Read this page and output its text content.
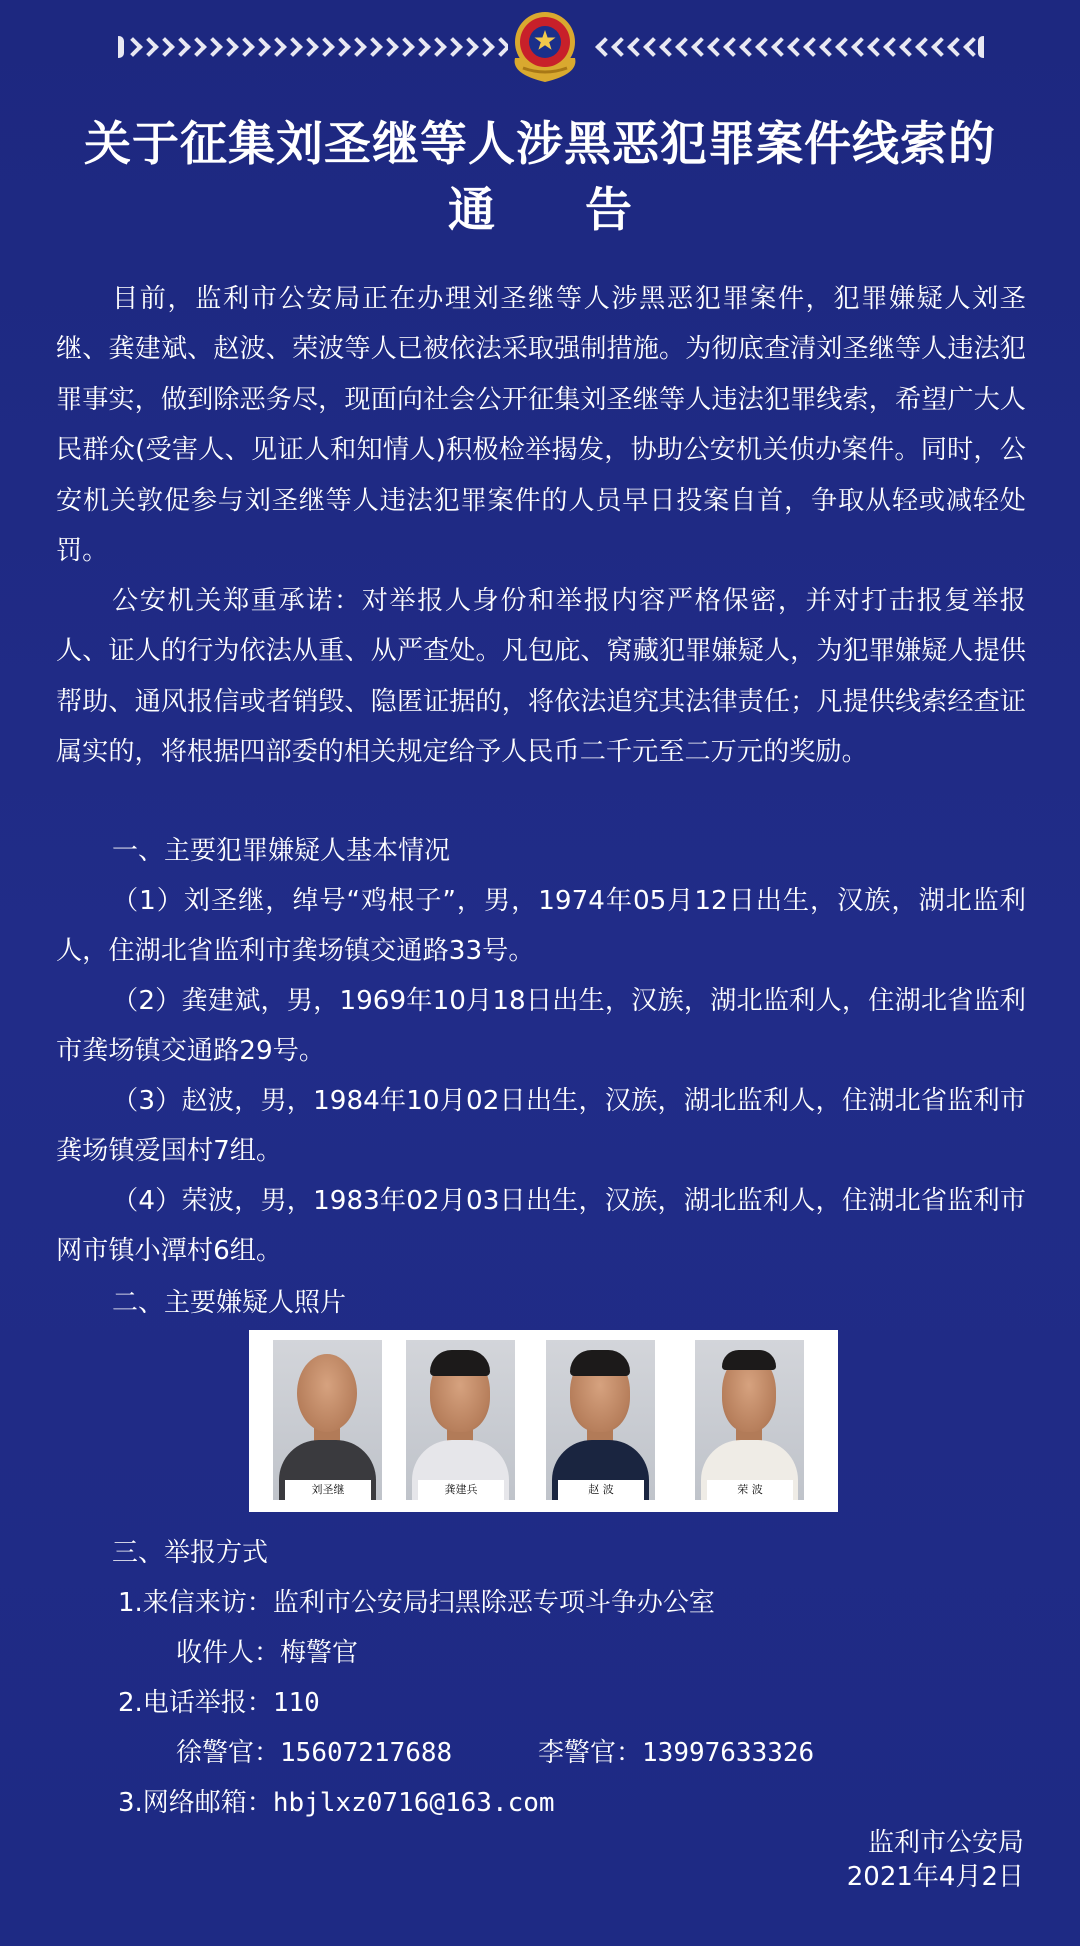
关于征集刘圣继等人涉黑恶犯罪案件线索的
通 告

目前，监利市公安局正在办理刘圣继等人涉黑恶犯罪案件，犯罪嫌疑人刘圣继、龚建斌、赵波、荣波等人已被依法采取强制措施。为彻底查清刘圣继等人违法犯罪事实，做到除恶务尽，现面向社会公开征集刘圣继等人违法犯罪线索，希望广大人民群众(受害人、见证人和知情人)积极检举揭发，协助公安机关侦办案件。同时，公安机关敦促参与刘圣继等人违法犯罪案件的人员早日投案自首，争取从轻或减轻处罚。

公安机关郑重承诺：对举报人身份和举报内容严格保密，并对打击报复举报人、证人的行为依法从重、从严查处。凡包庇、窝藏犯罪嫌疑人，为犯罪嫌疑人提供帮助、通风报信或者销毁、隐匿证据的，将依法追究其法律责任；凡提供线索经查证属实的，将根据四部委的相关规定给予人民币二千元至二万元的奖励。

一、主要犯罪嫌疑人基本情况

（1）刘圣继，绰号“鸡根子”，男，1974年05月12日出生，汉族，湖北监利人，住湖北省监利市龚场镇交通路33号。

（2）龚建斌，男，1969年10月18日出生，汉族，湖北监利人，住湖北省监利市龚场镇交通路29号。

（3）赵波，男，1984年10月02日出生，汉族，湖北监利人，住湖北省监利市龚场镇爱国村7组。

（4）荣波，男，1983年02月03日出生，汉族，湖北监利人，住湖北省监利市网市镇小潭村6组。

二、主要嫌疑人照片

刘圣继	龚建兵	赵 波	荣 波

三、举报方式

1.来信来访：监利市公安局扫黑除恶专项斗争办公室

收件人：梅警官

2.电话举报：110

徐警官：15607217688	李警官：13997633326

3.网络邮箱：hbjlxz0716@163.com

监利市公安局

2021年4月2日
